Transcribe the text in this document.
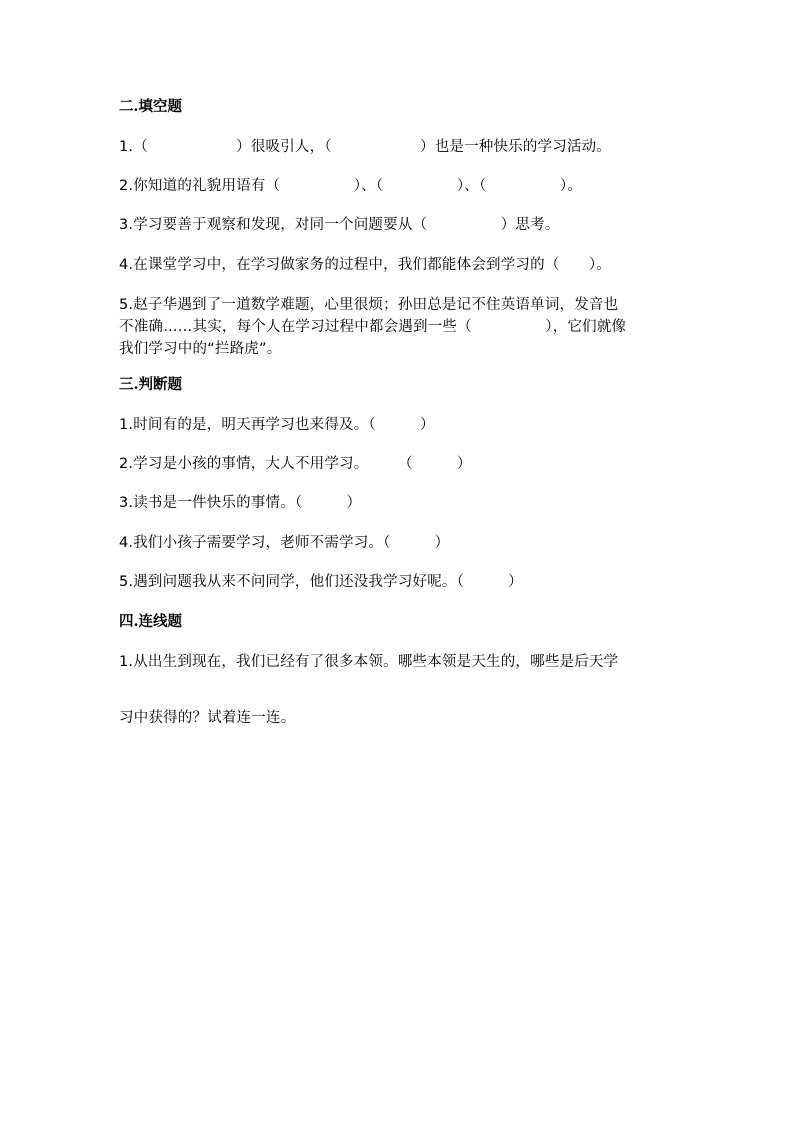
二.填空题
1.（　　　　　　）很吸引人，（　　　　　　）也是一种快乐的学习活动。
2.你知道的礼貌用语有（　　　　　）、（　　　　　）、（　　　　　）。
3.学习要善于观察和发现，对同一个问题要从（　　　　　）思考。
4.在课堂学习中，在学习做家务的过程中，我们都能体会到学习的（　　）。
5.赵子华遇到了一道数学难题，心里很烦；孙田总是记不住英语单词，发音也
不准确……其实，每个人在学习过程中都会遇到一些（　　　　　），它们就像
我们学习中的“拦路虎”。
三.判断题
1.时间有的是，明天再学习也来得及。（　　　）
2.学习是小孩的事情，大人不用学习。　　　（　　　）
3.读书是一件快乐的事情。（　　　）
4.我们小孩子需要学习，老师不需学习。（　　　）
5.遇到问题我从来不问同学，他们还没我学习好呢。（　　　）
四.连线题
1.从出生到现在，我们已经有了很多本领。哪些本领是天生的，哪些是后天学
习中获得的？试着连一连。
